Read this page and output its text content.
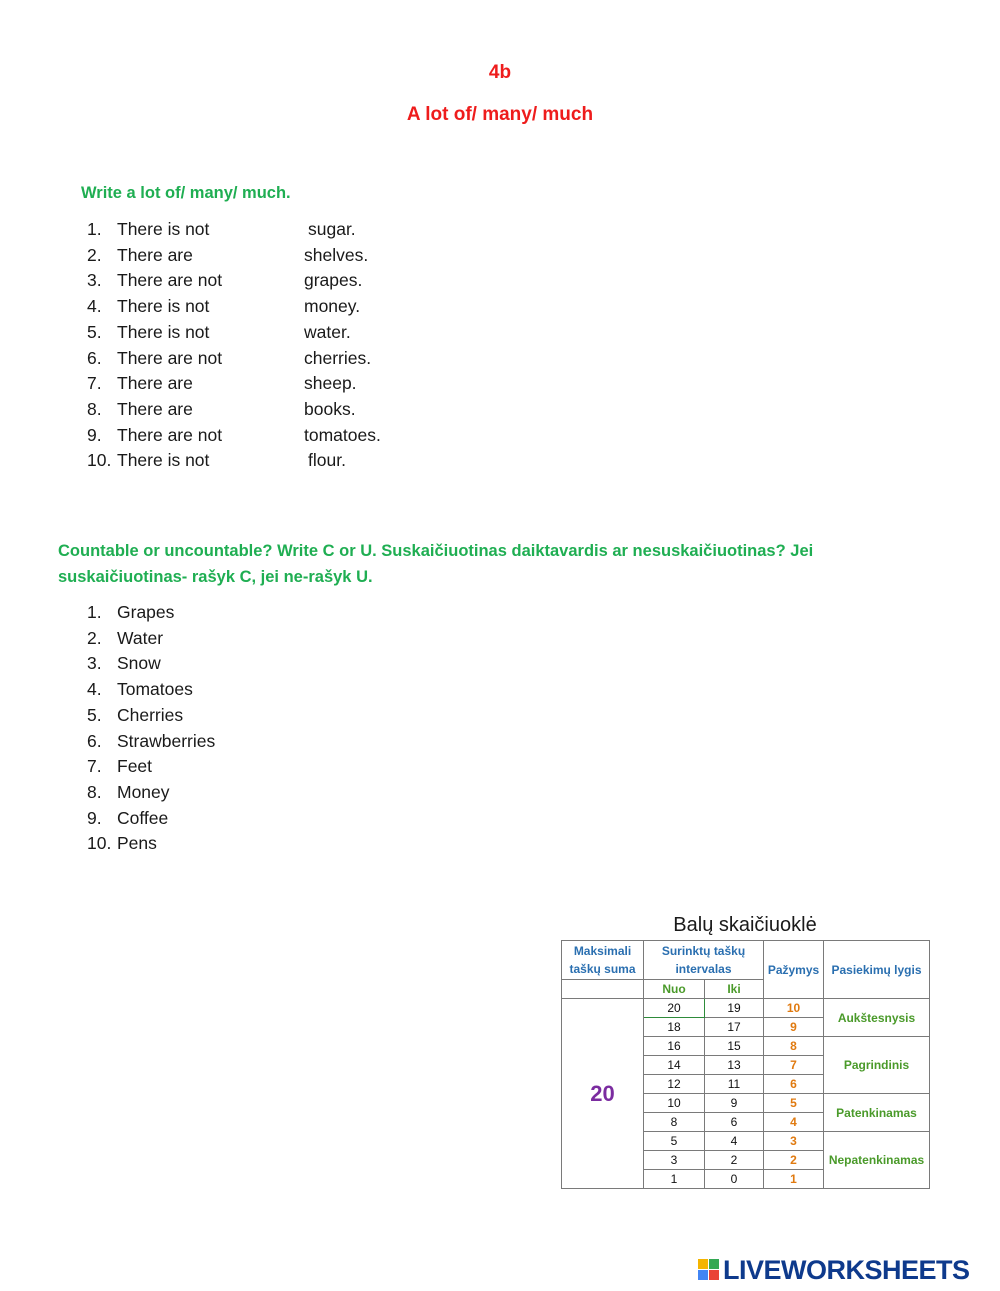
4b
A lot of/ many/ much
Write a lot of/ many/ much.
1. There is not	sugar.
2. There are	shelves.
3. There are not	grapes.
4. There is not	money.
5. There is not	water.
6. There are not	cherries.
7. There are	sheep.
8. There are	books.
9. There are not	tomatoes.
10. There is not	flour.
Countable or uncountable? Write C or U. Suskaičiuotinas daiktavardis ar nesuskaičiuotinas? Jei
suskaičiuotinas- rašyk C, jei ne-rašyk U.
1. Grapes
2. Water
3. Snow
4. Tomatoes
5. Cherries
6. Strawberries
7. Feet
8. Money
9. Coffee
10. Pens
Balų skaičiuoklė
Maksimali taškų suma	Surinktų taškų intervalas		Pažymys	Pasiekimų lygis

	Nuo	Iki		
20	20	19	10	Aukštesnysis
	18	17	9	
	16	15	8	Pagrindinis
	14	13	7	
	12	11	6	
	10	9	5	Patenkinamas
	8	6	4	
	5	4	3	Nepatenkinamas
	3	2	2	
	1	0	1	
LIVEWORKSHEETS
